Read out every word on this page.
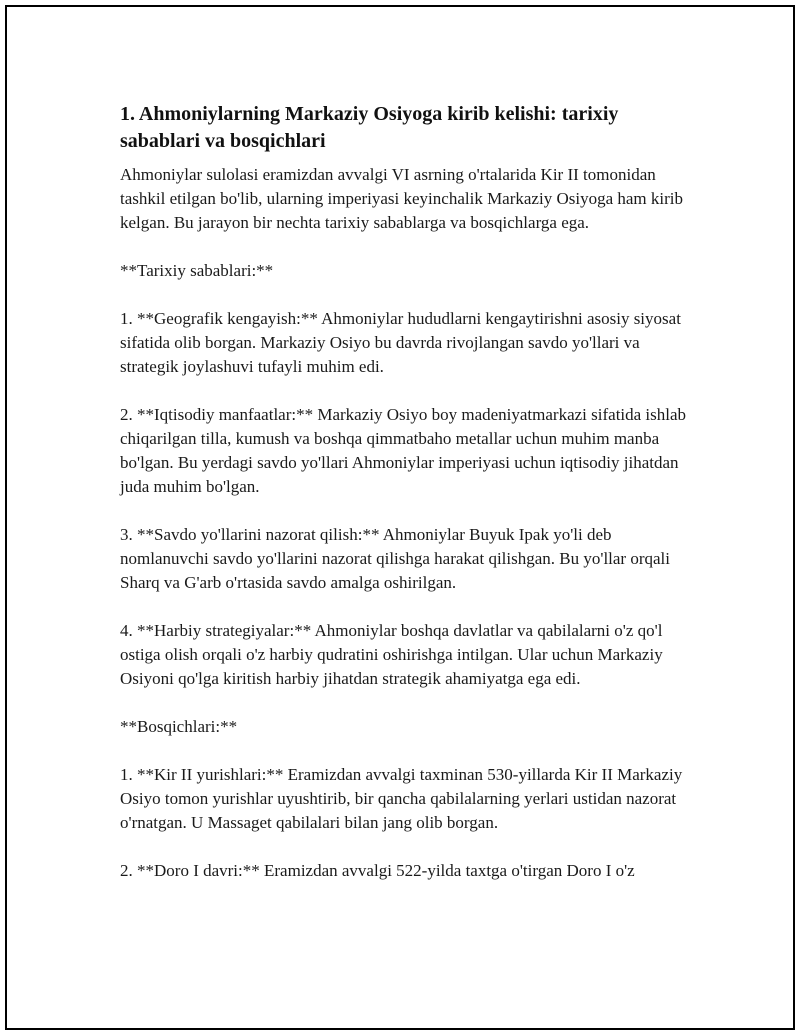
1. Ahmoniylarning Markaziy Osiyoga kirib kelishi: tarixiy sabablari va bosqichlari

Ahmoniylar sulolasi eramizdan avvalgi VI asrning o'rtalarida Kir II tomonidan tashkil etilgan bo'lib, ularning imperiyasi keyinchalik Markaziy Osiyoga ham kirib kelgan. Bu jarayon bir nechta tarixiy sabablarga va bosqichlarga ega.

**Tarixiy sabablari:**

1. **Geografik kengayish:** Ahmoniylar hududlarni kengaytirishni asosiy siyosat sifatida olib borgan. Markaziy Osiyo bu davrda rivojlangan savdo yo'llari va strategik joylashuvi tufayli muhim edi.

2. **Iqtisodiy manfaatlar:** Markaziy Osiyo boy madeniyatmarkazi sifatida ishlab chiqarilgan tilla, kumush va boshqa qimmatbaho metallar uchun muhim manba bo'lgan. Bu yerdagi savdo yo'llari Ahmoniylar imperiyasi uchun iqtisodiy jihatdan juda muhim bo'lgan.

3. **Savdo yo'llarini nazorat qilish:** Ahmoniylar Buyuk Ipak yo'li deb nomlanuvchi savdo yo'llarini nazorat qilishga harakat qilishgan. Bu yo'llar orqali Sharq va G'arb o'rtasida savdo amalga oshirilgan.

4. **Harbiy strategiyalar:** Ahmoniylar boshqa davlatlar va qabilalarni o'z qo'l ostiga olish orqali o'z harbiy qudratini oshirishga intilgan. Ular uchun Markaziy Osiyoni qo'lga kiritish harbiy jihatdan strategik ahamiyatga ega edi.

**Bosqichlari:**

1. **Kir II yurishlari:** Eramizdan avvalgi taxminan 530-yillarda Kir II Markaziy Osiyo tomon yurishlar uyushtirib, bir qancha qabilalarning yerlari ustidan nazorat o'rnatgan. U Massaget qabilalari bilan jang olib borgan.

2. **Doro I davri:** Eramizdan avvalgi 522-yilda taxtga o'tirgan Doro I o'z
